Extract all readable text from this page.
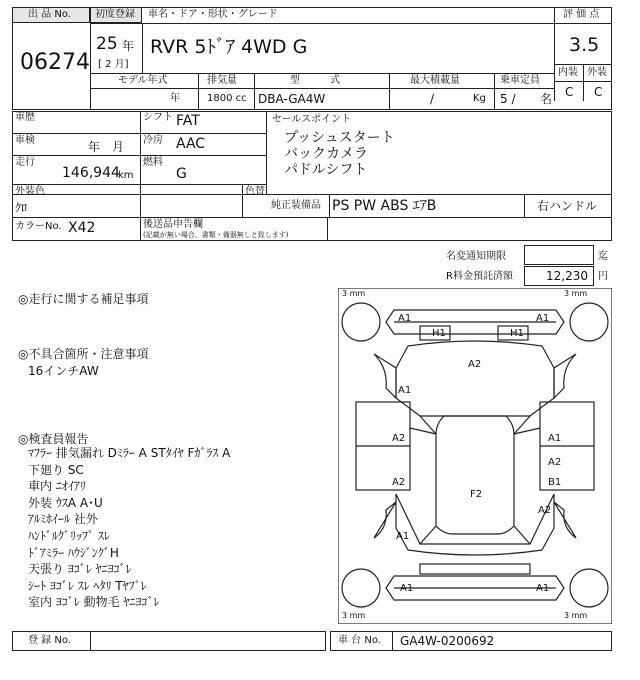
出 品 No.
06274
初度登録 車名・ドア・形状・グレード
25 年
[ 2 月]
RVR 5ﾄﾞｱ 4WD G
評 価 点
3.5
内装 外装
C C
モデル年式	排気量	型　　　式	最大積載量	乗車定員
年	1800 cc DBA-GA4W	/	Kg 5 / 名
車歴
車検	年　月
走行
146,944
km
シフト FAT
冷房 AAC
燃料
G
セールスポイント
プッシュスタート
バックカメラ
パドルシフト
外装色
ｸﾛ
色替
純正装備品 PS PW ABS ｴｱB	右ハンドル
カラーNo. X42	後送品申告欄
(記載が無い場合、書類・備器無しと致します)
名変通知期限	迄
R料金預託済額	12,230 円
◎走行に関する補足事項
◎不具合箇所・注意事項
16インチAW
◎検査員報告
ﾏﾌﾗｰ 排気漏れ Dﾐﾗｰ A STﾀｲﾔ Fｶﾞﾗｽ A
下廻り SC
車内 ﾆｵｲｱﾘ
外装 ｳｽA A･U
ｱﾙﾐﾎｲｰﾙ 社外
ﾊﾝﾄﾞﾙｸﾞﾘｯﾌﾟ ｽﾚ
ﾄﾞｱﾐﾗｰ ﾊｳｼﾞﾝｸﾞH
天張り ﾖｺﾞﾚ ﾔﾆﾖｺﾞﾚ
ｼｰﾄ ﾖｺﾞﾚ ｽﾚ ﾍﾀﾘ Tﾔﾌﾞﾚ
室内 ﾖｺﾞﾚ 動物毛 ﾔﾆﾖｺﾞﾚ
3 mm	3 mm
3 mm	3 mm
A1	A1
H1	H1
A2
A1
A2	A1
A2
B1
A2
A2
F2
A1
A1	A1
登 録 No.	車 台 No. GA4W-0200692
